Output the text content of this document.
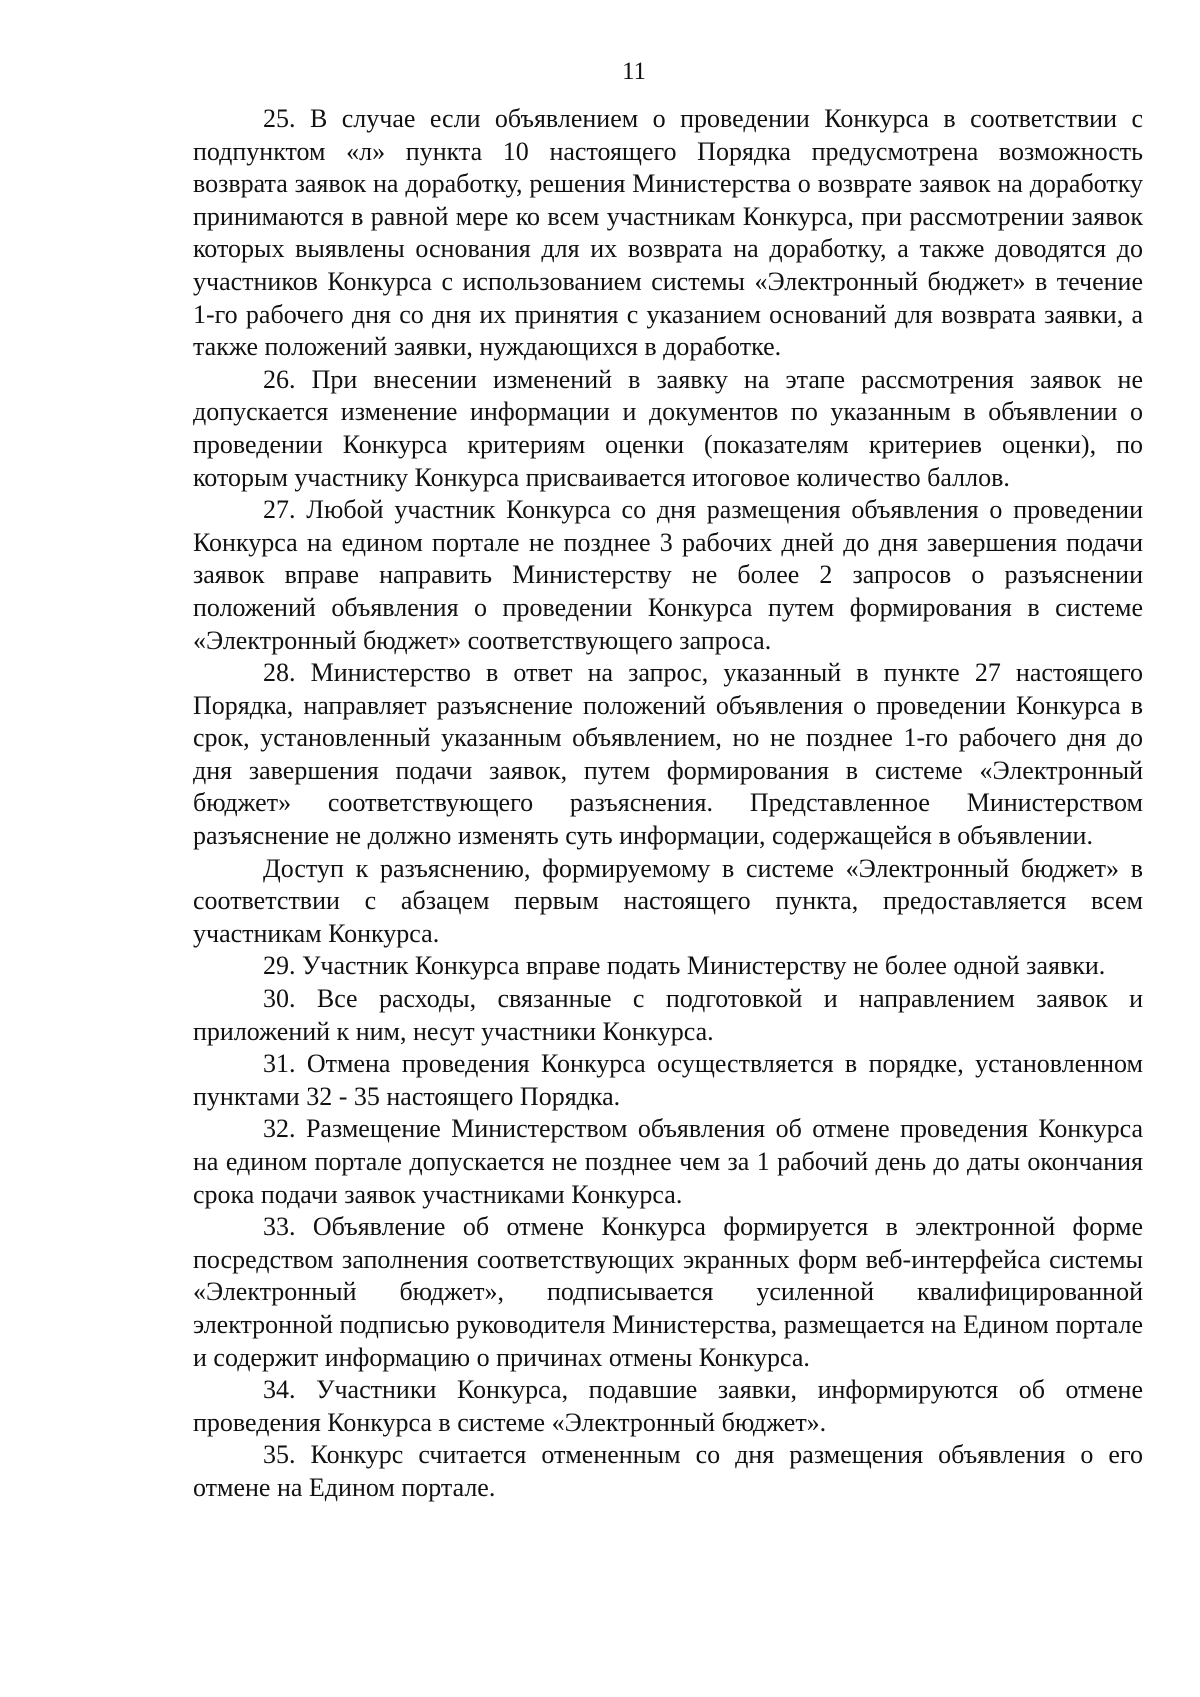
11

25. В случае если объявлением о проведении Конкурса в соответствии с подпунктом «л» пункта 10 настоящего Порядка предусмотрена возможность возврата заявок на доработку, решения Министерства о возврате заявок на доработку принимаются в равной мере ко всем участникам Конкурса, при рассмотрении заявок которых выявлены основания для их возврата на доработку, а также доводятся до участников Конкурса с использованием системы «Электронный бюджет» в течение 1-го рабочего дня со дня их принятия с указанием оснований для возврата заявки, а также положений заявки, нуждающихся в доработке.

26. При внесении изменений в заявку на этапе рассмотрения заявок не допускается изменение информации и документов по указанным в объявлении о проведении Конкурса критериям оценки (показателям критериев оценки), по которым участнику Конкурса присваивается итоговое количество баллов.

27. Любой участник Конкурса со дня размещения объявления о проведении Конкурса на едином портале не позднее 3 рабочих дней до дня завершения подачи заявок вправе направить Министерству не более 2 запросов о разъяснении положений объявления о проведении Конкурса путем формирования в системе «Электронный бюджет» соответствующего запроса.

28. Министерство в ответ на запрос, указанный в пункте 27 настоящего Порядка, направляет разъяснение положений объявления о проведении Конкурса в срок, установленный указанным объявлением, но не позднее 1-го рабочего дня до дня завершения подачи заявок, путем формирования в системе «Электронный бюджет» соответствующего разъяснения. Представленное Министерством разъяснение не должно изменять суть информации, содержащейся в объявлении.

Доступ к разъяснению, формируемому в системе «Электронный бюджет» в соответствии с абзацем первым настоящего пункта, предоставляется всем участникам Конкурса.

29. Участник Конкурса вправе подать Министерству не более одной заявки.

30. Все расходы, связанные с подготовкой и направлением заявок и приложений к ним, несут участники Конкурса.

31. Отмена проведения Конкурса осуществляется в порядке, установленном пунктами 32 - 35 настоящего Порядка.

32. Размещение Министерством объявления об отмене проведения Конкурса на едином портале допускается не позднее чем за 1 рабочий день до даты окончания срока подачи заявок участниками Конкурса.

33. Объявление об отмене Конкурса формируется в электронной форме посредством заполнения соответствующих экранных форм веб-интерфейса системы «Электронный бюджет», подписывается усиленной квалифицированной электронной подписью руководителя Министерства, размещается на Едином портале и содержит информацию о причинах отмены Конкурса.

34. Участники Конкурса, подавшие заявки, информируются об отмене проведения Конкурса в системе «Электронный бюджет».

35. Конкурс считается отмененным со дня размещения объявления о его отмене на Едином портале.
